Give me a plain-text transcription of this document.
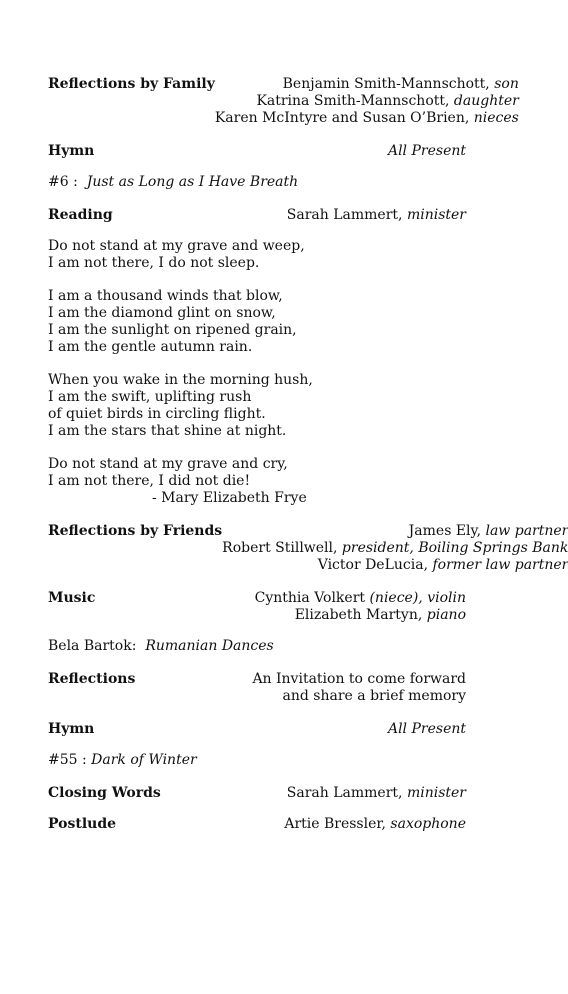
Reflections by Family	Benjamin Smith-Mannschott, son
Katrina Smith-Mannschott, daughter
Karen McIntyre and Susan O’Brien, nieces
Hymn	All Present
#6 : Just as Long as I Have Breath
Reading	Sarah Lammert, minister
Do not stand at my grave and weep,
I am not there, I do not sleep.
I am a thousand winds that blow,
I am the diamond glint on snow,
I am the sunlight on ripened grain,
I am the gentle autumn rain.
When you wake in the morning hush,
I am the swift, uplifting rush
of quiet birds in circling flight.
I am the stars that shine at night.
Do not stand at my grave and cry,
I am not there, I did not die!
- Mary Elizabeth Frye
Reflections by Friends	James Ely, law partner
Robert Stillwell, president, Boiling Springs Bank
Victor DeLucia, former law partner
Music	Cynthia Volkert (niece), violin
Elizabeth Martyn, piano
Bela Bartok: Rumanian Dances
Reflections	An Invitation to come forward
and share a brief memory
Hymn	All Present
#55 : Dark of Winter
Closing Words	Sarah Lammert, minister
Postlude	Artie Bressler, saxophone
